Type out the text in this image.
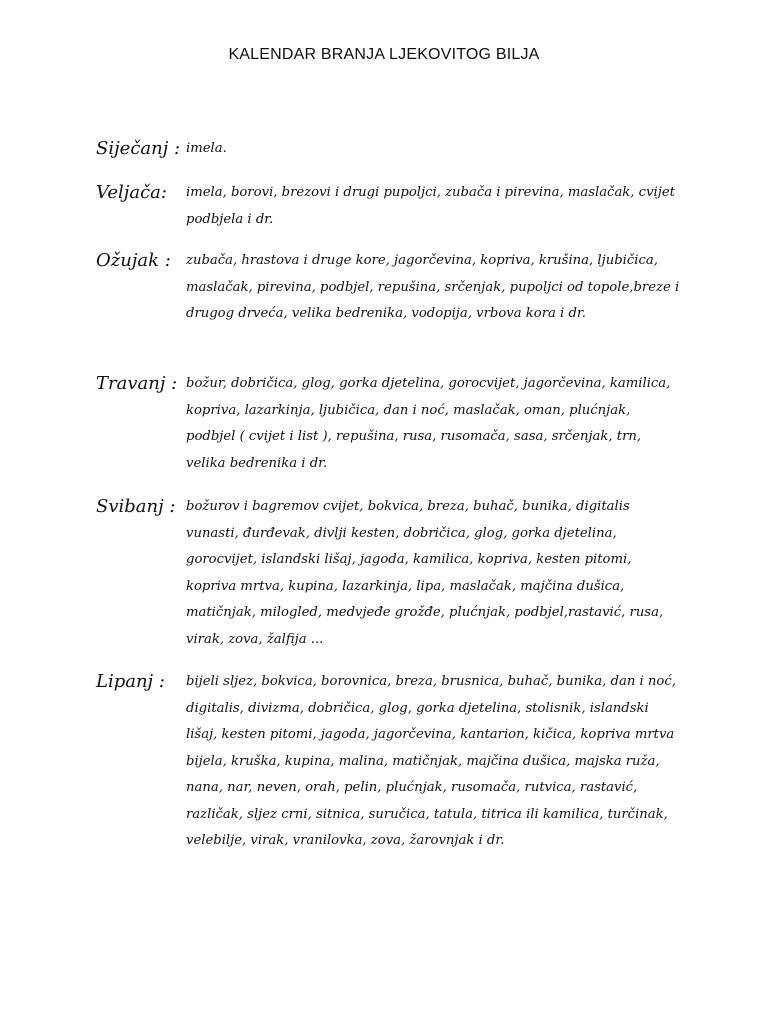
KALENDAR BRANJA LJEKOVITOG BILJA
Siječanj : imela.
Veljača: imela, borovi, brezovi i drugi pupoljci, zubača i pirevina, maslačak, cvijet podbjela i dr.
Ožujak : zubača, hrastova i druge kore, jagorčevina, kopriva, krušina, ljubičica, maslačak, pirevina, podbjel, repušina, srčenjak, pupoljci od topole,breze i drugog drveća, velika bedrenika, vodopija, vrbova kora i dr.
Travanj : božur, dobričica, glog, gorka djetelina, gorocvijet, jagorčevina, kamilica, kopriva, lazarkinja, ljubičica, dan i noć, maslačak, oman, plućnjak, podbjel ( cvijet i list ), repušina, rusa, rusomača, sasa, srčenjak, trn, velika bedrenika i dr.
Svibanj : božurov i bagremov cvijet, bokvica, breza, buhač, bunika, digitalis vunasti, đurđevak, divlji kesten, dobričica, glog, gorka djetelina, gorocvijet, islandski lišaj, jagoda, kamilica, kopriva, kesten pitomi, kopriva mrtva, kupina, lazarkinja, lipa, maslačak, majčina dušica, matičnjak, milogled, medvjeđe grožđe, plućnjak, podbjel,rastavić, rusa, virak, zova, žalfija ...
Lipanj : bijeli sljez, bokvica, borovnica, breza, brusnica, buhač, bunika, dan i noć, digitalis, divizma, dobričica, glog, gorka djetelina, stolisnik, islandski lišaj, kesten pitomi, jagoda, jagorčevina, kantarion, kičica, kopriva mrtva bijela, kruška, kupina, malina, matičnjak, majčina dušica, majska ruža, nana, nar, neven, orah, pelin, plućnjak, rusomača, rutvica, rastavić, različak, sljez crni, sitnica, suručica, tatula, titrica ili kamilica, turčinak, velebilje, virak, vranilovka, zova, žarovnjak i dr.
